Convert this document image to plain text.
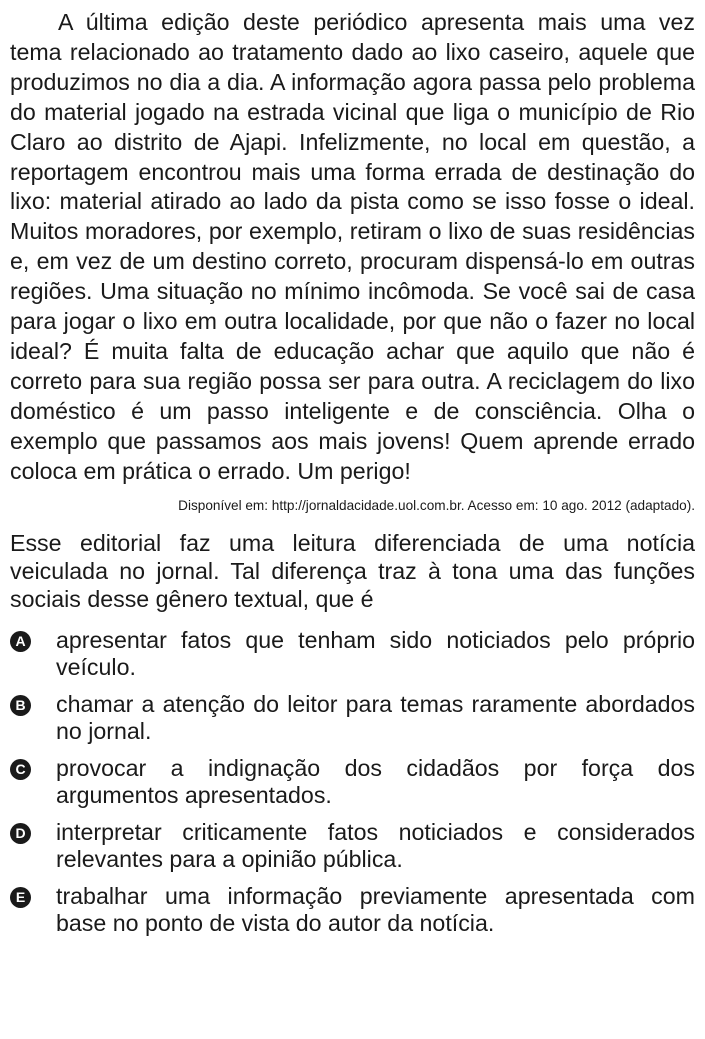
A última edição deste periódico apresenta mais uma vez tema relacionado ao tratamento dado ao lixo caseiro, aquele que produzimos no dia a dia. A informação agora passa pelo problema do material jogado na estrada vicinal que liga o município de Rio Claro ao distrito de Ajapi. Infelizmente, no local em questão, a reportagem encontrou mais uma forma errada de destinação do lixo: material atirado ao lado da pista como se isso fosse o ideal. Muitos moradores, por exemplo, retiram o lixo de suas residências e, em vez de um destino correto, procuram dispensá-lo em outras regiões. Uma situação no mínimo incômoda. Se você sai de casa para jogar o lixo em outra localidade, por que não o fazer no local ideal? É muita falta de educação achar que aquilo que não é correto para sua região possa ser para outra. A reciclagem do lixo doméstico é um passo inteligente e de consciência. Olha o exemplo que passamos aos mais jovens! Quem aprende errado coloca em prática o errado. Um perigo!

Disponível em: http://jornaldacidade.uol.com.br. Acesso em: 10 ago. 2012 (adaptado).

Esse editorial faz uma leitura diferenciada de uma notícia veiculada no jornal. Tal diferença traz à tona uma das funções sociais desse gênero textual, que é

A apresentar fatos que tenham sido noticiados pelo próprio veículo.
B chamar a atenção do leitor para temas raramente abordados no jornal.
C provocar a indignação dos cidadãos por força dos argumentos apresentados.
D interpretar criticamente fatos noticiados e considerados relevantes para a opinião pública.
E trabalhar uma informação previamente apresentada com base no ponto de vista do autor da notícia.
